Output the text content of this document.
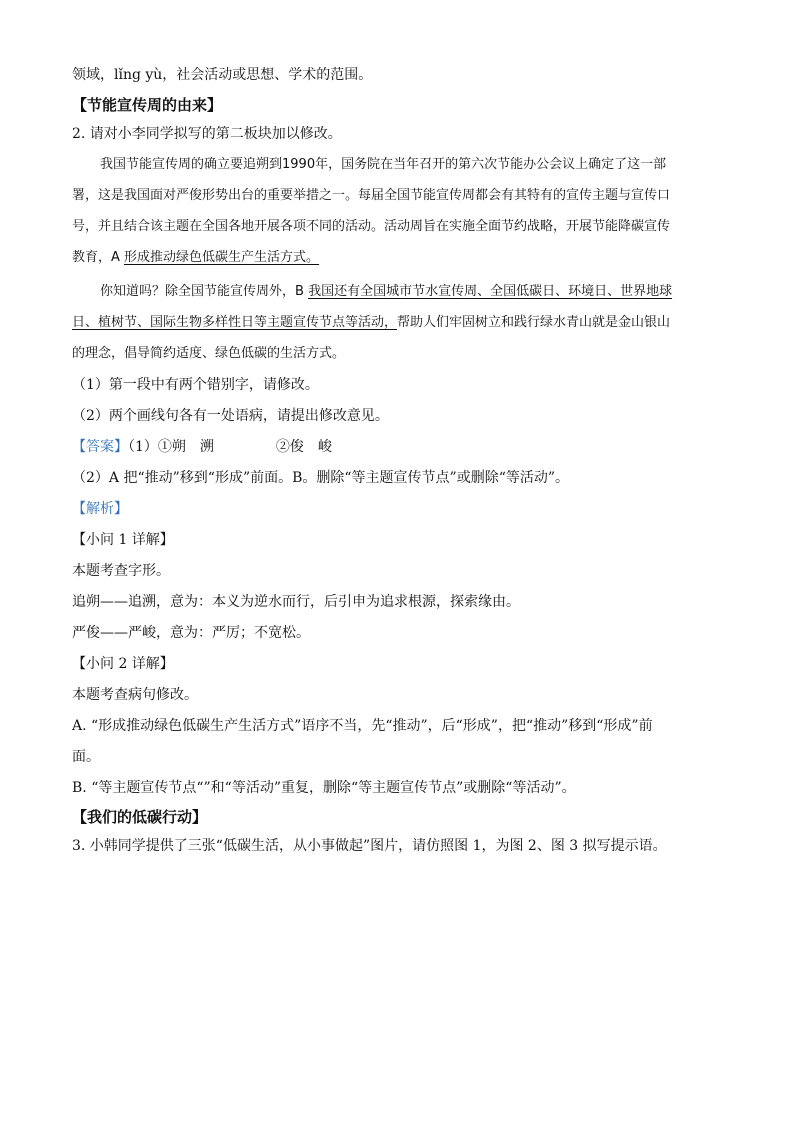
领域，lǐng yù，社会活动或思想、学术的范围。
【节能宣传周的由来】
2. 请对小李同学拟写的第二板块加以修改。
我国节能宣传周的确立要追朔到1990年，国务院在当年召开的第六次节能办公会议上确定了这一部
署，这是我国面对严俊形势出台的重要举措之一。每届全国节能宣传周都会有其特有的宣传主题与宣传口
号，并且结合该主题在全国各地开展各项不同的活动。活动周旨在实施全面节约战略，开展节能降碳宣传
教育，A 形成推动绿色低碳生产生活方式。
你知道吗？除全国节能宣传周外，B 我国还有全国城市节水宣传周、全国低碳日、环境日、世界地球
日、植树节、国际生物多样性日等主题宣传节点等活动，帮助人们牢固树立和践行绿水青山就是金山银山
的理念，倡导简约适度、绿色低碳的生活方式。
（1）第一段中有两个错别字，请修改。
（2）两个画线句各有一处语病，请提出修改意见。
【答案】（1）①朔　溯	②俊　峻
（2）A 把“推动”移到“形成”前面。B。删除“等主题宣传节点”或删除“等活动”。
【解析】
【小问 1 详解】
本题考查字形。
追朔——追溯，意为：本义为逆水而行，后引申为追求根源，探索缘由。
严俊——严峻，意为：严厉；不宽松。
【小问 2 详解】
本题考查病句修改。
A. “形成推动绿色低碳生产生活方式”语序不当，先“推动”，后“形成”，把“推动”移到“形成”前
面。
B. “等主题宣传节点“”和“等活动”重复，删除“等主题宣传节点”或删除“等活动”。
【我们的低碳行动】
3. 小韩同学提供了三张“低碳生活，从小事做起”图片，请仿照图 1，为图 2、图 3 拟写提示语。
